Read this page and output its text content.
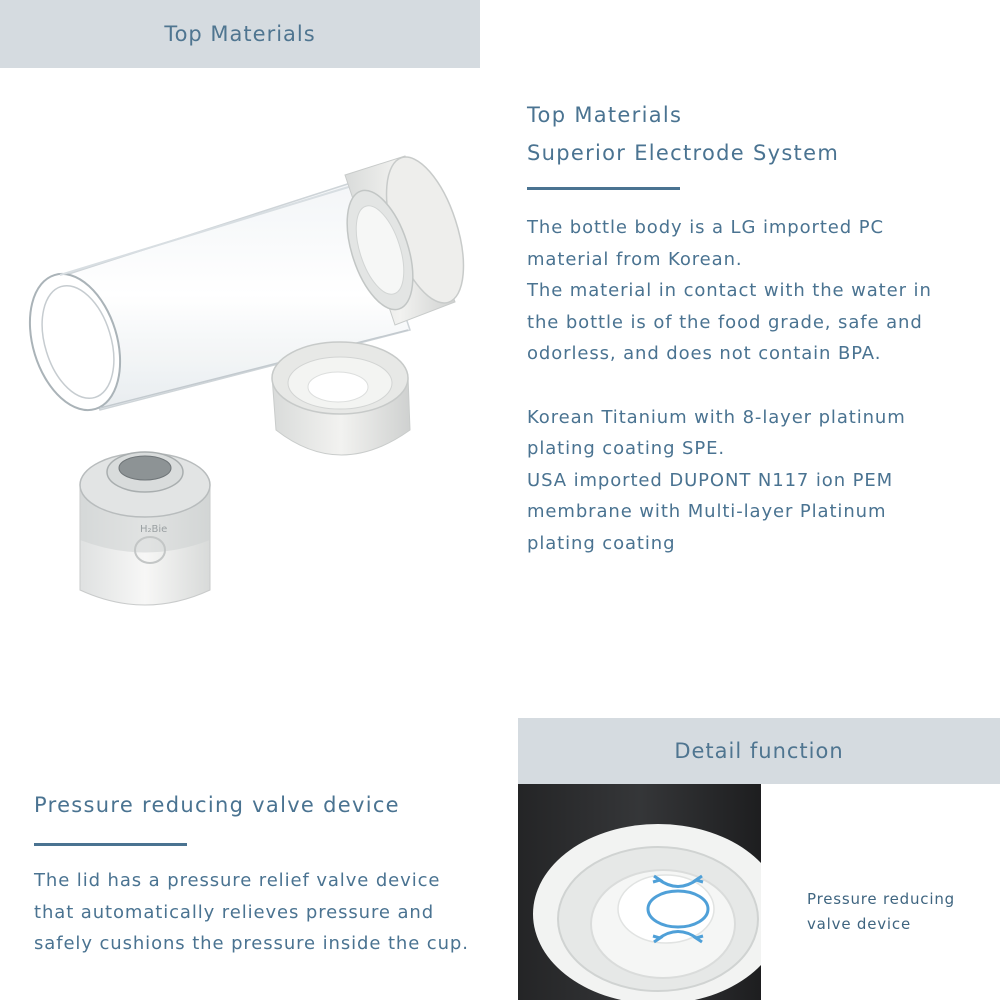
Top Materials
H₂Bie
Top Materials
Superior Electrode System
The bottle body is a LG imported PC
material from Korean.
The material in contact with the water in
the bottle is of the food grade, safe and
odorless, and does not contain BPA.
Korean Titanium with 8-layer platinum
plating coating SPE.
USA imported DUPONT N117 ion PEM
membrane with Multi-layer Platinum
plating coating
Detail function
Pressure reducing valve device
The lid has a pressure relief valve device
that automatically relieves pressure and
safely cushions the pressure inside the cup.
Pressure reducing
valve device
